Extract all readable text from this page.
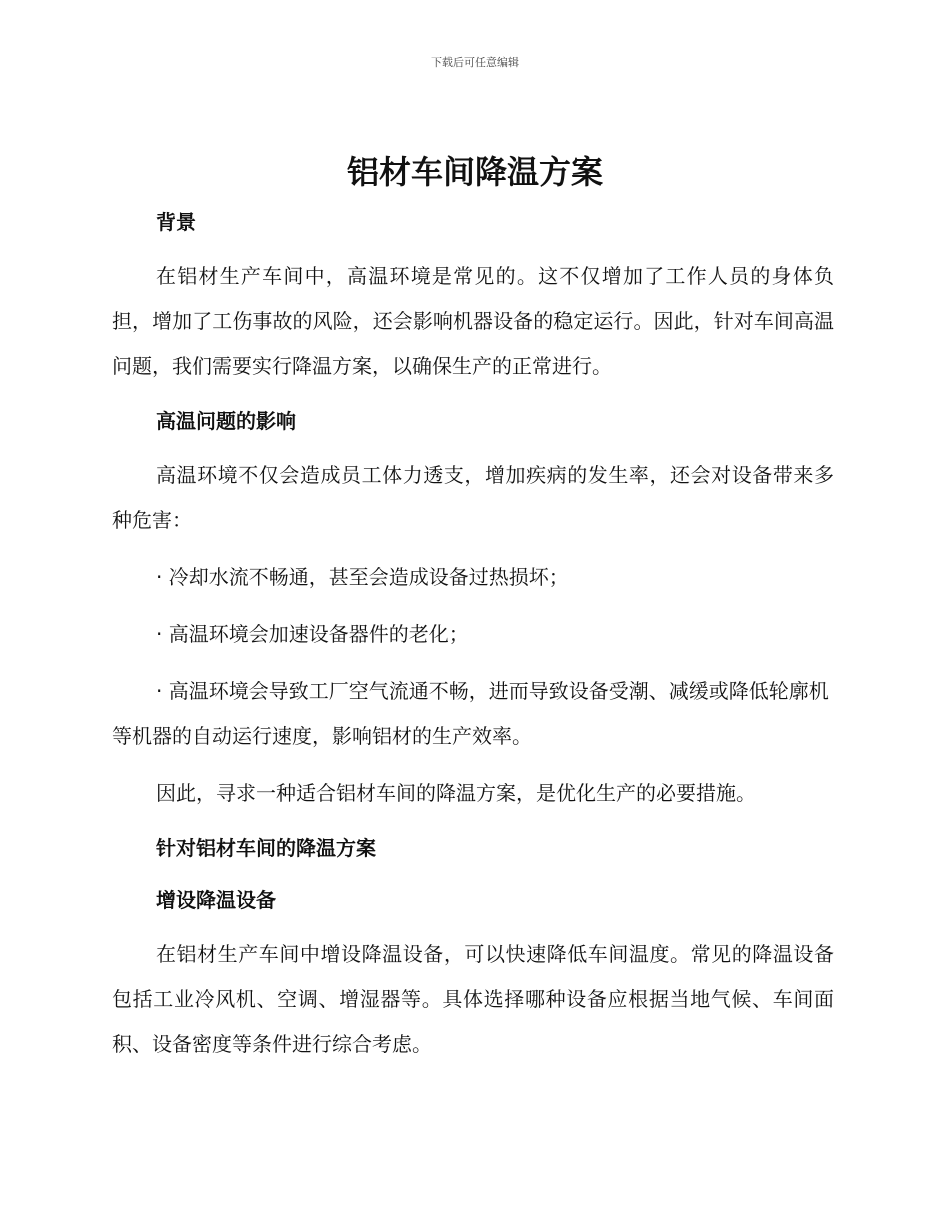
下载后可任意编辑
铝材车间降温方案

背景

在铝材生产车间中，高温环境是常见的。这不仅增加了工作人员的身体负担，增加了工伤事故的风险，还会影响机器设备的稳定运行。因此，针对车间高温问题，我们需要实行降温方案，以确保生产的正常进行。

高温问题的影响

高温环境不仅会造成员工体力透支，增加疾病的发生率，还会对设备带来多种危害：

· 冷却水流不畅通，甚至会造成设备过热损坏；

· 高温环境会加速设备器件的老化；

· 高温环境会导致工厂空气流通不畅，进而导致设备受潮、减缓或降低轮廓机等机器的自动运行速度，影响铝材的生产效率。

因此，寻求一种适合铝材车间的降温方案，是优化生产的必要措施。

针对铝材车间的降温方案

增设降温设备

在铝材生产车间中增设降温设备，可以快速降低车间温度。常见的降温设备包括工业冷风机、空调、增湿器等。具体选择哪种设备应根据当地气候、车间面积、设备密度等条件进行综合考虑。
